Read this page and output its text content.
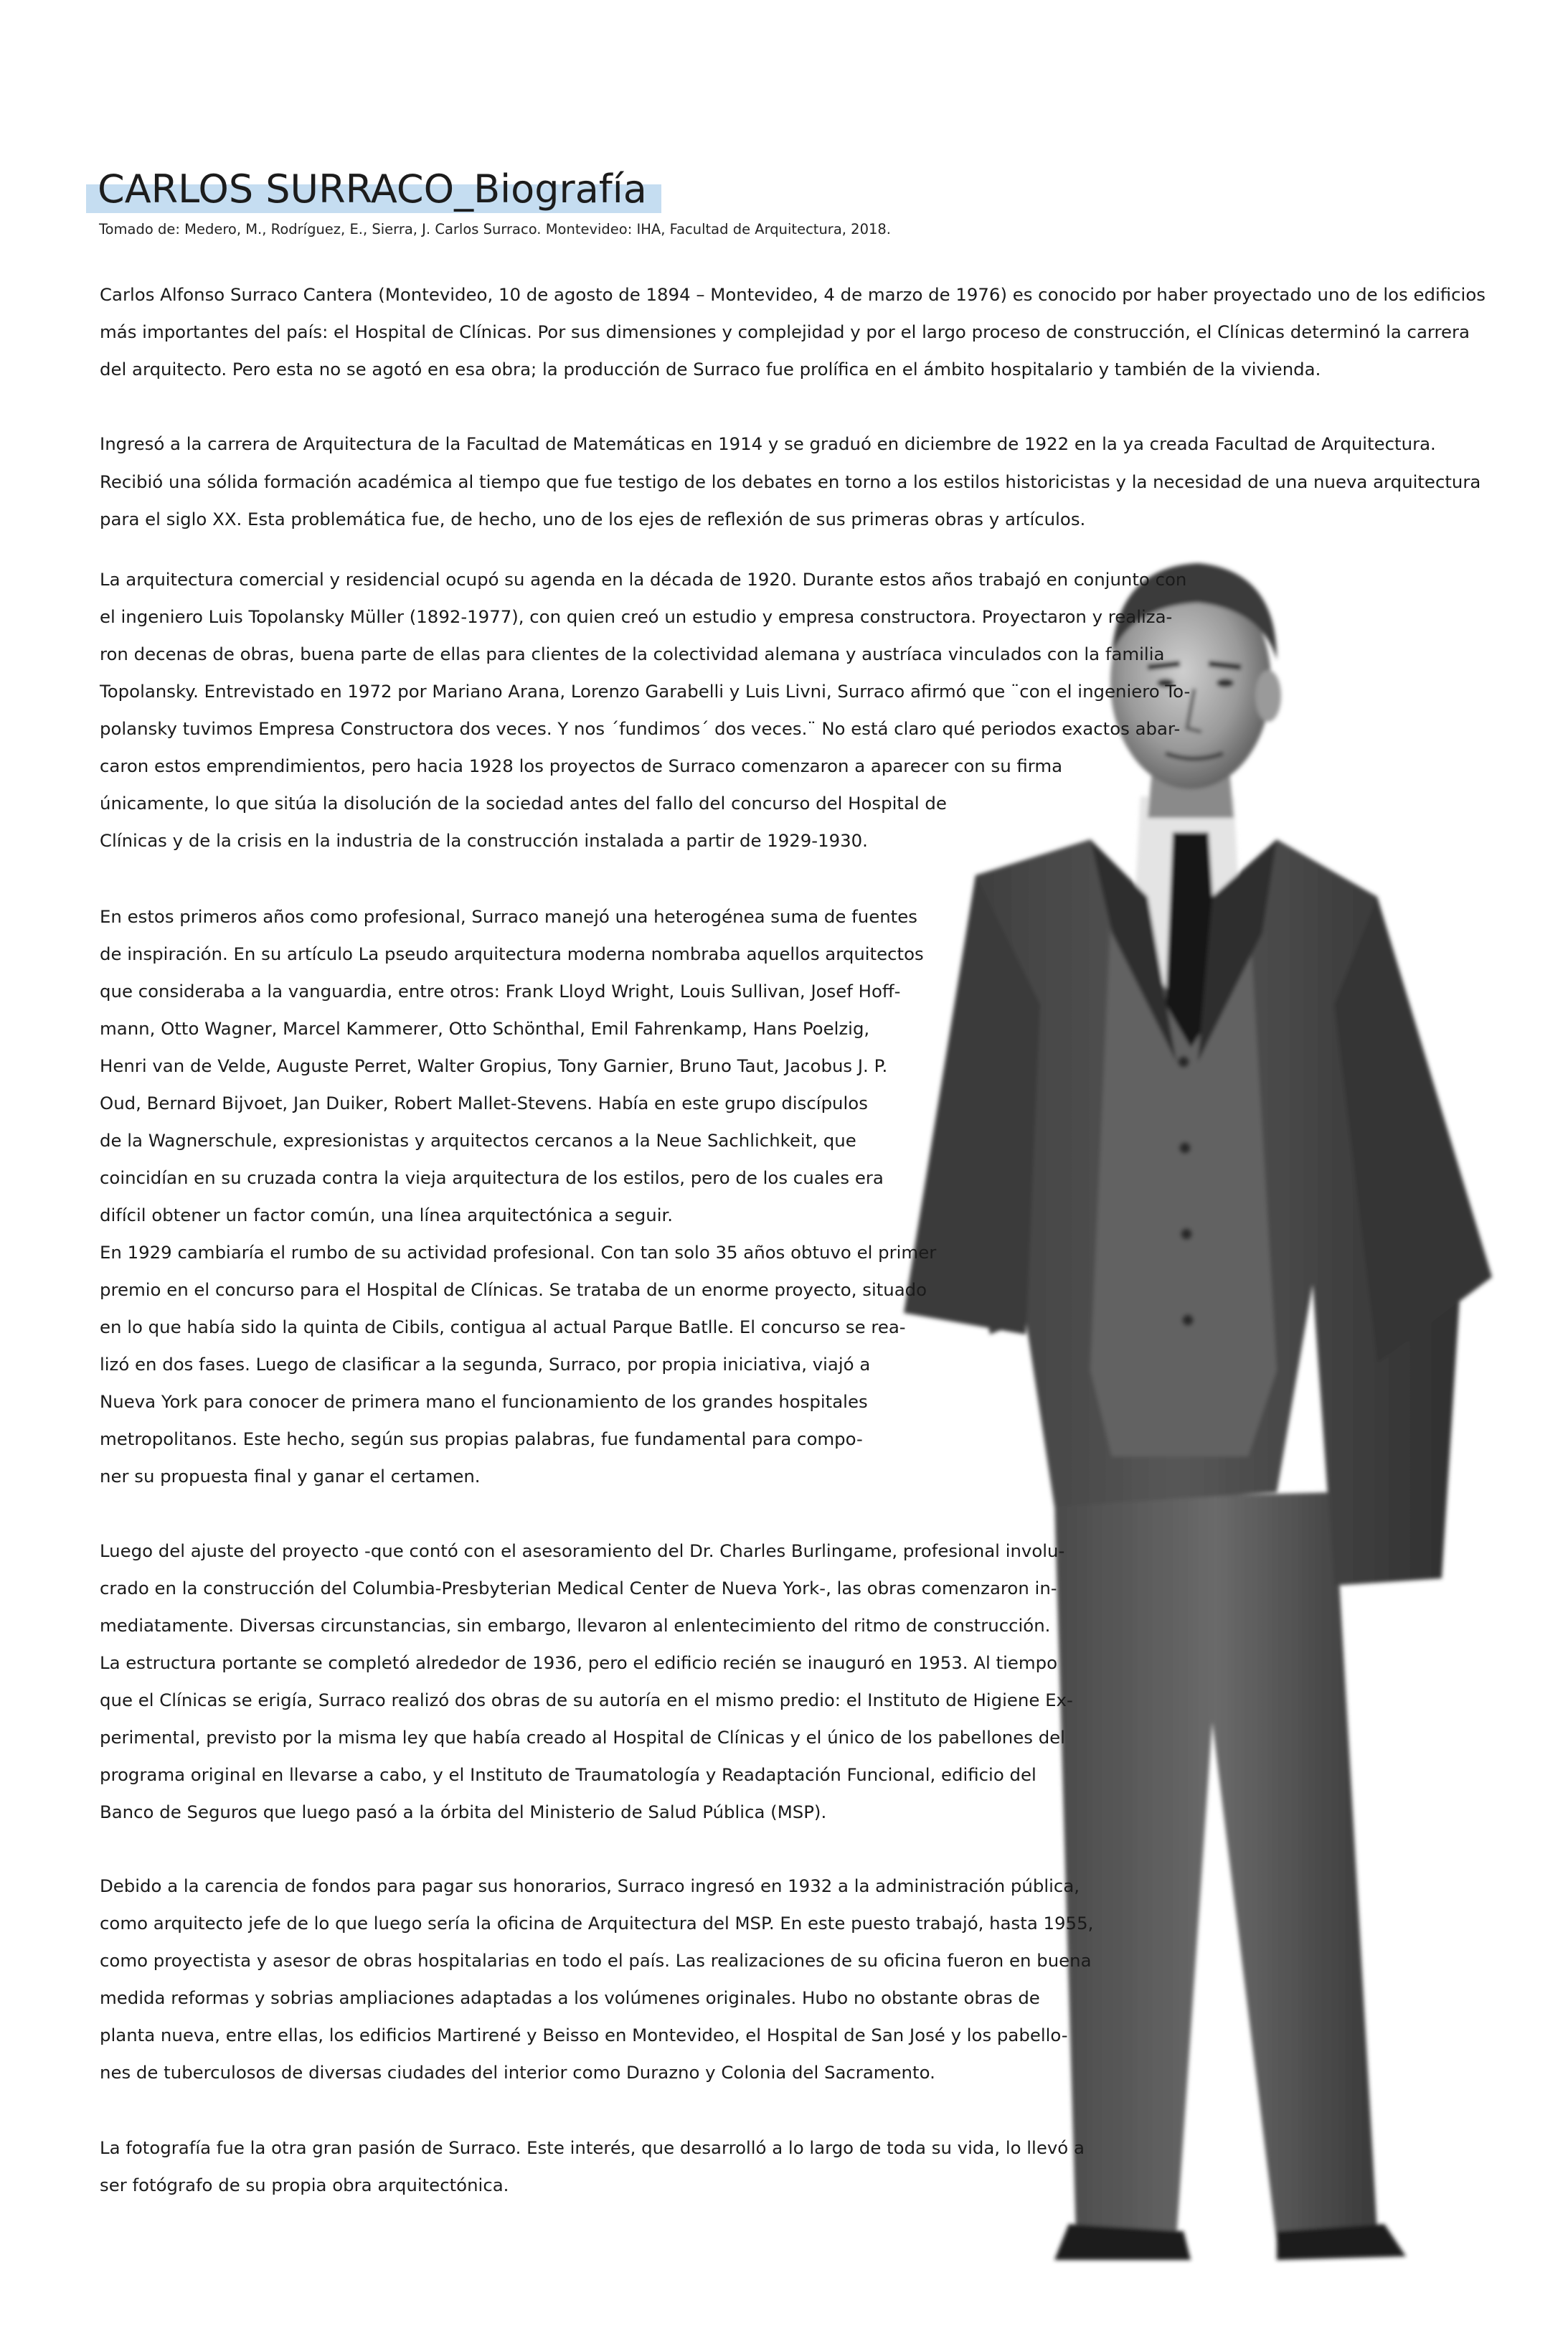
CARLOS SURRACO_Biografía
Tomado de: Medero, M., Rodríguez, E., Sierra, J. Carlos Surraco. Montevideo: IHA, Facultad de Arquitectura, 2018.
Carlos Alfonso Surraco Cantera (Montevideo, 10 de agosto de 1894 – Montevideo, 4 de marzo de 1976) es conocido por haber proyectado uno de los edificios
más importantes del país: el Hospital de Clínicas. Por sus dimensiones y complejidad y por el largo proceso de construcción, el Clínicas determinó la carrera
del arquitecto. Pero esta no se agotó en esa obra; la producción de Surraco fue prolífica en el ámbito hospitalario y también de la vivienda.
Ingresó a la carrera de Arquitectura de la Facultad de Matemáticas en 1914 y se graduó en diciembre de 1922 en la ya creada Facultad de Arquitectura.
Recibió una sólida formación académica al tiempo que fue testigo de los debates en torno a los estilos historicistas y la necesidad de una nueva arquitectura
para el siglo XX. Esta problemática fue, de hecho, uno de los ejes de reflexión de sus primeras obras y artículos.
La arquitectura comercial y residencial ocupó su agenda en la década de 1920. Durante estos años trabajó en conjunto con
el ingeniero Luis Topolansky Müller (1892-1977), con quien creó un estudio y empresa constructora. Proyectaron y realiza-
ron decenas de obras, buena parte de ellas para clientes de la colectividad alemana y austríaca vinculados con la familia
Topolansky. Entrevistado en 1972 por Mariano Arana, Lorenzo Garabelli y Luis Livni, Surraco afirmó que ¨con el ingeniero To-
polansky tuvimos Empresa Constructora dos veces. Y nos ´fundimos´ dos veces.¨ No está claro qué periodos exactos abar-
caron estos emprendimientos, pero hacia 1928 los proyectos de Surraco comenzaron a aparecer con su firma
únicamente, lo que sitúa la disolución de la sociedad antes del fallo del concurso del Hospital de
Clínicas y de la crisis en la industria de la construcción instalada a partir de 1929-1930.
En estos primeros años como profesional, Surraco manejó una heterogénea suma de fuentes
de inspiración. En su artículo La pseudo arquitectura moderna nombraba aquellos arquitectos
que consideraba a la vanguardia, entre otros: Frank Lloyd Wright, Louis Sullivan, Josef Hoff-
mann, Otto Wagner, Marcel Kammerer, Otto Schönthal, Emil Fahrenkamp, Hans Poelzig,
Henri van de Velde, Auguste Perret, Walter Gropius, Tony Garnier, Bruno Taut, Jacobus J. P.
Oud, Bernard Bijvoet, Jan Duiker, Robert Mallet-Stevens. Había en este grupo discípulos
de la Wagnerschule, expresionistas y arquitectos cercanos a la Neue Sachlichkeit, que
coincidían en su cruzada contra la vieja arquitectura de los estilos, pero de los cuales era
difícil obtener un factor común, una línea arquitectónica a seguir.
En 1929 cambiaría el rumbo de su actividad profesional. Con tan solo 35 años obtuvo el primer
premio en el concurso para el Hospital de Clínicas. Se trataba de un enorme proyecto, situado
en lo que había sido la quinta de Cibils, contigua al actual Parque Batlle. El concurso se rea-
lizó en dos fases. Luego de clasificar a la segunda, Surraco, por propia iniciativa, viajó a
Nueva York para conocer de primera mano el funcionamiento de los grandes hospitales
metropolitanos. Este hecho, según sus propias palabras, fue fundamental para compo-
ner su propuesta final y ganar el certamen.
Luego del ajuste del proyecto -que contó con el asesoramiento del Dr. Charles Burlingame, profesional involu-
crado en la construcción del Columbia-Presbyterian Medical Center de Nueva York-, las obras comenzaron in-
mediatamente. Diversas circunstancias, sin embargo, llevaron al enlentecimiento del ritmo de construcción.
La estructura portante se completó alrededor de 1936, pero el edificio recién se inauguró en 1953. Al tiempo
que el Clínicas se erigía, Surraco realizó dos obras de su autoría en el mismo predio: el Instituto de Higiene Ex-
perimental, previsto por la misma ley que había creado al Hospital de Clínicas y el único de los pabellones del
programa original en llevarse a cabo, y el Instituto de Traumatología y Readaptación Funcional, edificio del
Banco de Seguros que luego pasó a la órbita del Ministerio de Salud Pública (MSP).
Debido a la carencia de fondos para pagar sus honorarios, Surraco ingresó en 1932 a la administración pública,
como arquitecto jefe de lo que luego sería la oficina de Arquitectura del MSP. En este puesto trabajó, hasta 1955,
como proyectista y asesor de obras hospitalarias en todo el país. Las realizaciones de su oficina fueron en buena
medida reformas y sobrias ampliaciones adaptadas a los volúmenes originales. Hubo no obstante obras de
planta nueva, entre ellas, los edificios Martirené y Beisso en Montevideo, el Hospital de San José y los pabello-
nes de tuberculosos de diversas ciudades del interior como Durazno y Colonia del Sacramento.
La fotografía fue la otra gran pasión de Surraco. Este interés, que desarrolló a lo largo de toda su vida, lo llevó a
ser fotógrafo de su propia obra arquitectónica.
